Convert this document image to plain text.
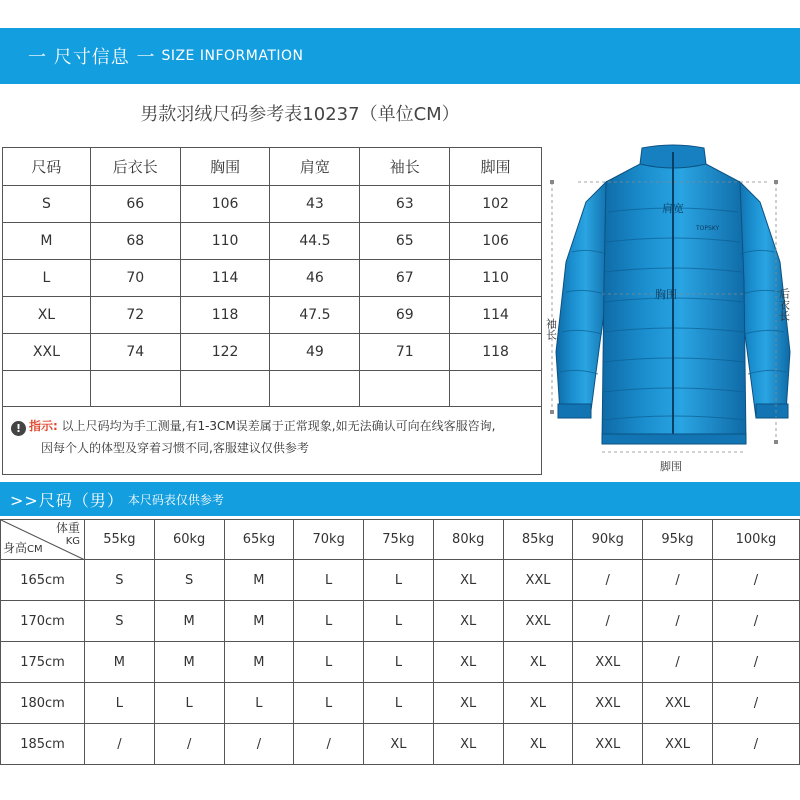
一 尺寸信息 一 SIZE INFORMATION
男款羽绒尺码参考表10237（单位CM）
尺码	后衣长	胸围	肩宽	袖长	脚围
S	66	106	43	63	102
M	68	110	44.5	65	106
L	70	114	46	67	110
XL	72	118	47.5	69	114
XXL	74	122	49	71	118

! 指示: 以上尺码均为手工测量,有1-3CM误差属于正常现象,如无法确认可向在线客服咨询,
因每个人的体型及穿着习惯不同,客服建议仅供参考					
肩宽
TOPSKY
胸围
脚围
袖长
后衣长
>>尺码（男） 本尺码表仅供参考
体重
KG
身高CM	55kg	60kg	65kg	70kg	75kg	80kg	85kg	90kg	95kg	100kg
165cm	S	S	M	L	L	XL	XXL	/	/	/
170cm	S	M	M	L	L	XL	XXL	/	/	/
175cm	M	M	M	L	L	XL	XL	XXL	/	/
180cm	L	L	L	L	L	XL	XL	XXL	XXL	/
185cm	/	/	/	/	XL	XL	XL	XXL	XXL	/
